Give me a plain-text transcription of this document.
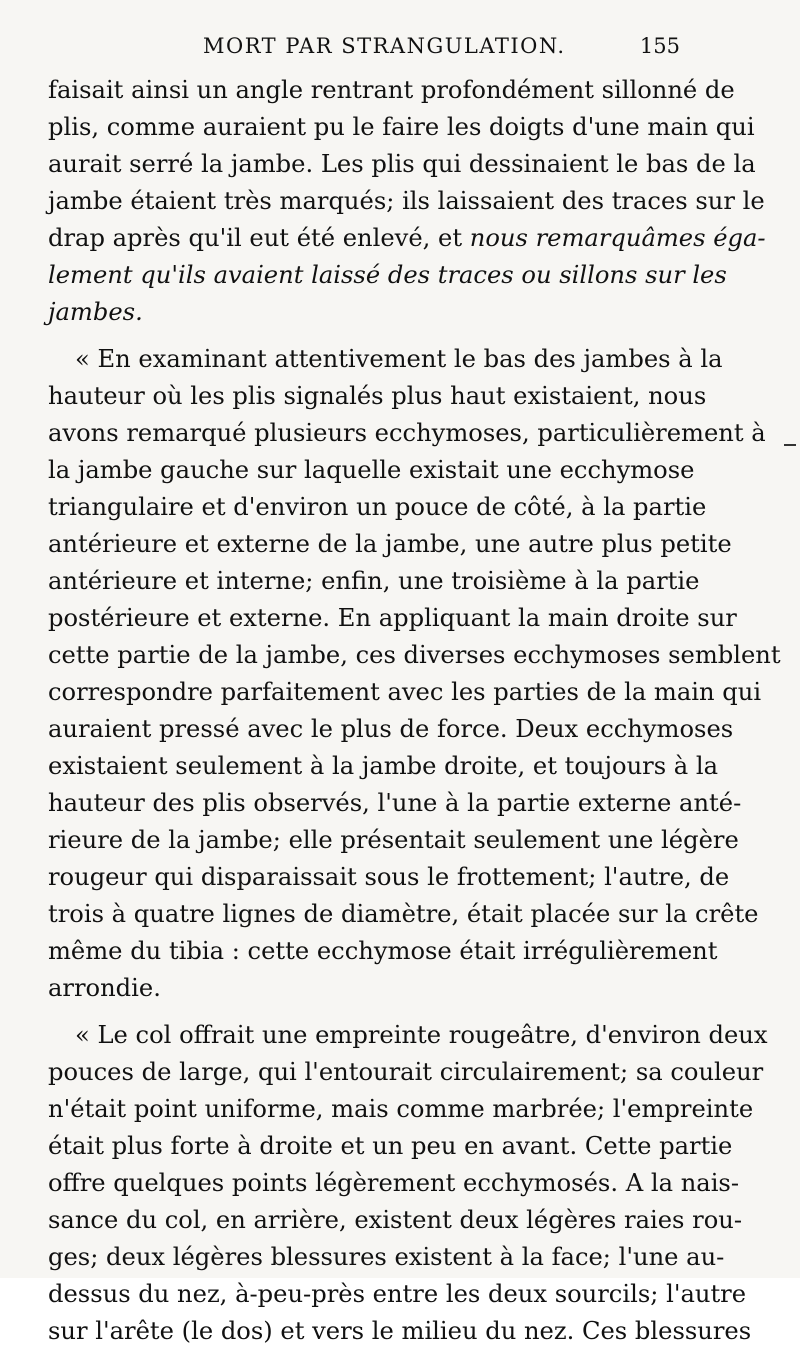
MORT PAR STRANGULATION.	155
faisait ainsi un angle rentrant profondément sillonné de
plis, comme auraient pu le faire les doigts d'une main qui
aurait serré la jambe. Les plis qui dessinaient le bas de la
jambe étaient très marqués; ils laissaient des traces sur le
drap après qu'il eut été enlevé, et nous remarquâmes éga-
lement qu'ils avaient laissé des traces ou sillons sur les
jambes.
« En examinant attentivement le bas des jambes à la
hauteur où les plis signalés plus haut existaient, nous
avons remarqué plusieurs ecchymoses, particulièrement à
la jambe gauche sur laquelle existait une ecchymose
triangulaire et d'environ un pouce de côté, à la partie
antérieure et externe de la jambe, une autre plus petite
antérieure et interne; enfin, une troisième à la partie
postérieure et externe. En appliquant la main droite sur
cette partie de la jambe, ces diverses ecchymoses semblent
correspondre parfaitement avec les parties de la main qui
auraient pressé avec le plus de force. Deux ecchymoses
existaient seulement à la jambe droite, et toujours à la
hauteur des plis observés, l'une à la partie externe anté-
rieure de la jambe; elle présentait seulement une légère
rougeur qui disparaissait sous le frottement; l'autre, de
trois à quatre lignes de diamètre, était placée sur la crête
même du tibia : cette ecchymose était irrégulièrement
arrondie.
« Le col offrait une empreinte rougeâtre, d'environ deux
pouces de large, qui l'entourait circulairement; sa couleur
n'était point uniforme, mais comme marbrée; l'empreinte
était plus forte à droite et un peu en avant. Cette partie
offre quelques points légèrement ecchymosés. A la nais-
sance du col, en arrière, existent deux légères raies rou-
ges; deux légères blessures existent à la face; l'une au-
dessus du nez, à-peu-près entre les deux sourcils; l'autre
sur l'arête (le dos) et vers le milieu du nez. Ces blessures
